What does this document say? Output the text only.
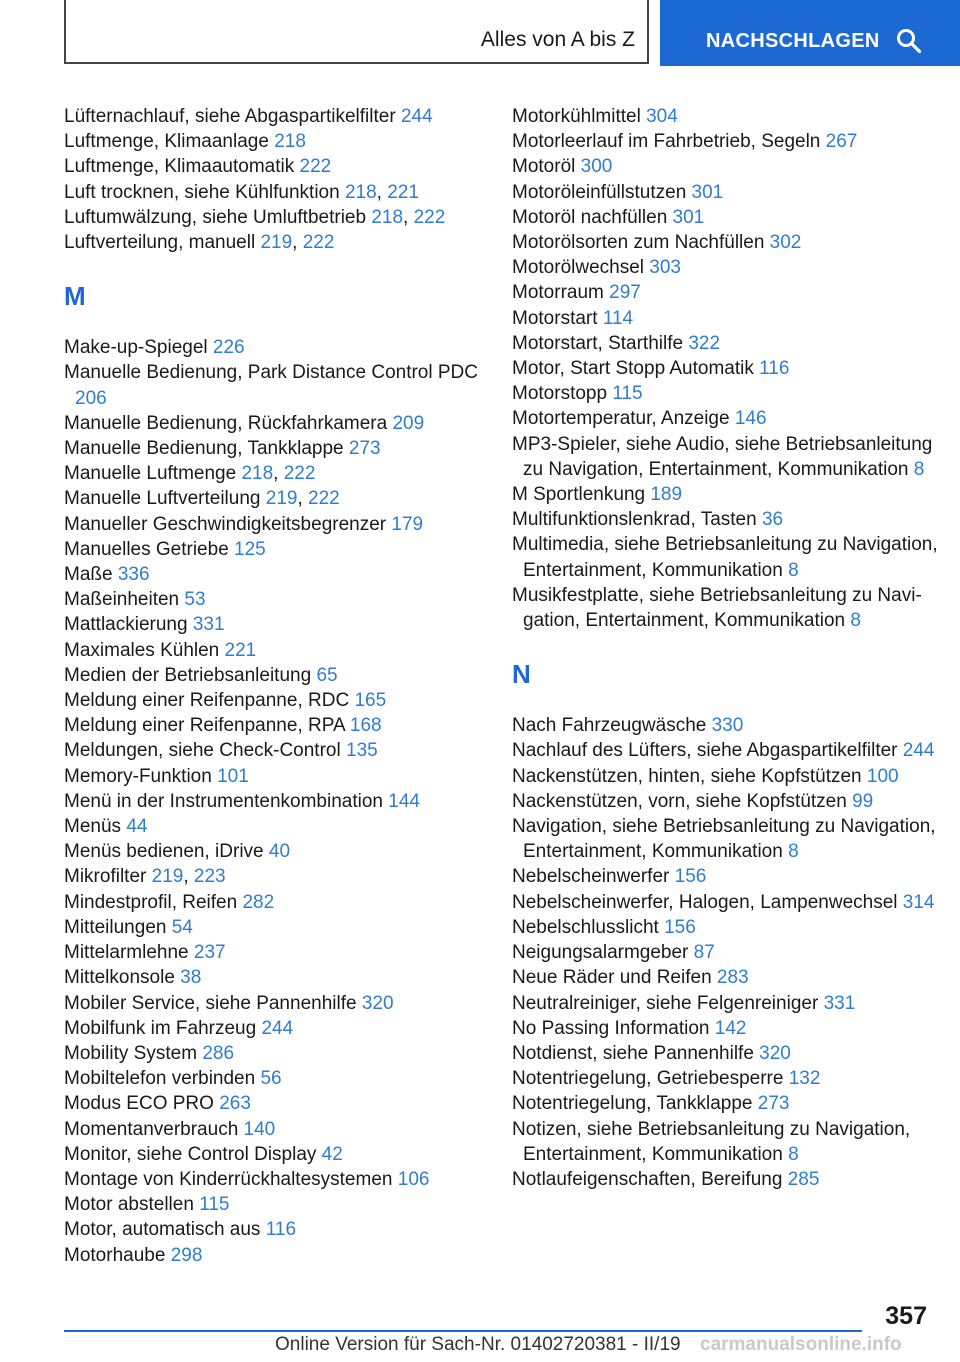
Alles von A bis Z	NACHSCHLAGEN
Lüfternachlauf, siehe Abgaspartikelfilter 244
Luftmenge, Klimaanlage 218
Luftmenge, Klimaautomatik 222
Luft trocknen, siehe Kühlfunktion 218, 221
Luftumwälzung, siehe Umluftbetrieb 218, 222
Luftverteilung, manuell 219, 222
M
Make-up-Spiegel 226
Manuelle Bedienung, Park Distance Control PDC 206
Manuelle Bedienung, Rückfahrkamera 209
Manuelle Bedienung, Tankklappe 273
Manuelle Luftmenge 218, 222
Manuelle Luftverteilung 219, 222
Manueller Geschwindigkeitsbegrenzer 179
Manuelles Getriebe 125
Maße 336
Maßeinheiten 53
Mattlackierung 331
Maximales Kühlen 221
Medien der Betriebsanleitung 65
Meldung einer Reifenpanne, RDC 165
Meldung einer Reifenpanne, RPA 168
Meldungen, siehe Check-Control 135
Memory-Funktion 101
Menü in der Instrumentenkombination 144
Menüs 44
Menüs bedienen, iDrive 40
Mikrofilter 219, 223
Mindestprofil, Reifen 282
Mitteilungen 54
Mittelarmlehne 237
Mittelkonsole 38
Mobiler Service, siehe Pannenhilfe 320
Mobilfunk im Fahrzeug 244
Mobility System 286
Mobiltelefon verbinden 56
Modus ECO PRO 263
Momentanverbrauch 140
Monitor, siehe Control Display 42
Montage von Kinderrückhaltesystemen 106
Motor abstellen 115
Motor, automatisch aus 116
Motorhaube 298
Motorkühlmittel 304
Motorleerlauf im Fahrbetrieb, Segeln 267
Motoröl 300
Motoröleinfüllstutzen 301
Motoröl nachfüllen 301
Motorölsorten zum Nachfüllen 302
Motorölwechsel 303
Motorraum 297
Motorstart 114
Motorstart, Starthilfe 322
Motor, Start Stopp Automatik 116
Motorstopp 115
Motortemperatur, Anzeige 146
MP3-Spieler, siehe Audio, siehe Betriebsanleitung zu Navigation, Entertainment, Kommunikation 8
M Sportlenkung 189
Multifunktionslenkrad, Tasten 36
Multimedia, siehe Betriebsanleitung zu Navigation, Entertainment, Kommunikation 8
Musikfestplatte, siehe Betriebsanleitung zu Navigation, Entertainment, Kommunikation 8
N
Nach Fahrzeugwäsche 330
Nachlauf des Lüfters, siehe Abgaspartikelfilter 244
Nackenstützen, hinten, siehe Kopfstützen 100
Nackenstützen, vorn, siehe Kopfstützen 99
Navigation, siehe Betriebsanleitung zu Navigation, Entertainment, Kommunikation 8
Nebelscheinwerfer 156
Nebelscheinwerfer, Halogen, Lampenwechsel 314
Nebelschlusslicht 156
Neigungsalarmgeber 87
Neue Räder und Reifen 283
Neutralreiniger, siehe Felgenreiniger 331
No Passing Information 142
Notdienst, siehe Pannenhilfe 320
Notentriegelung, Getriebesperre 132
Notentriegelung, Tankklappe 273
Notizen, siehe Betriebsanleitung zu Navigation, Entertainment, Kommunikation 8
Notlaufeigenschaften, Bereifung 285
357
Online Version für Sach-Nr. 01402720381 - II/19 carmanualsonline.info
